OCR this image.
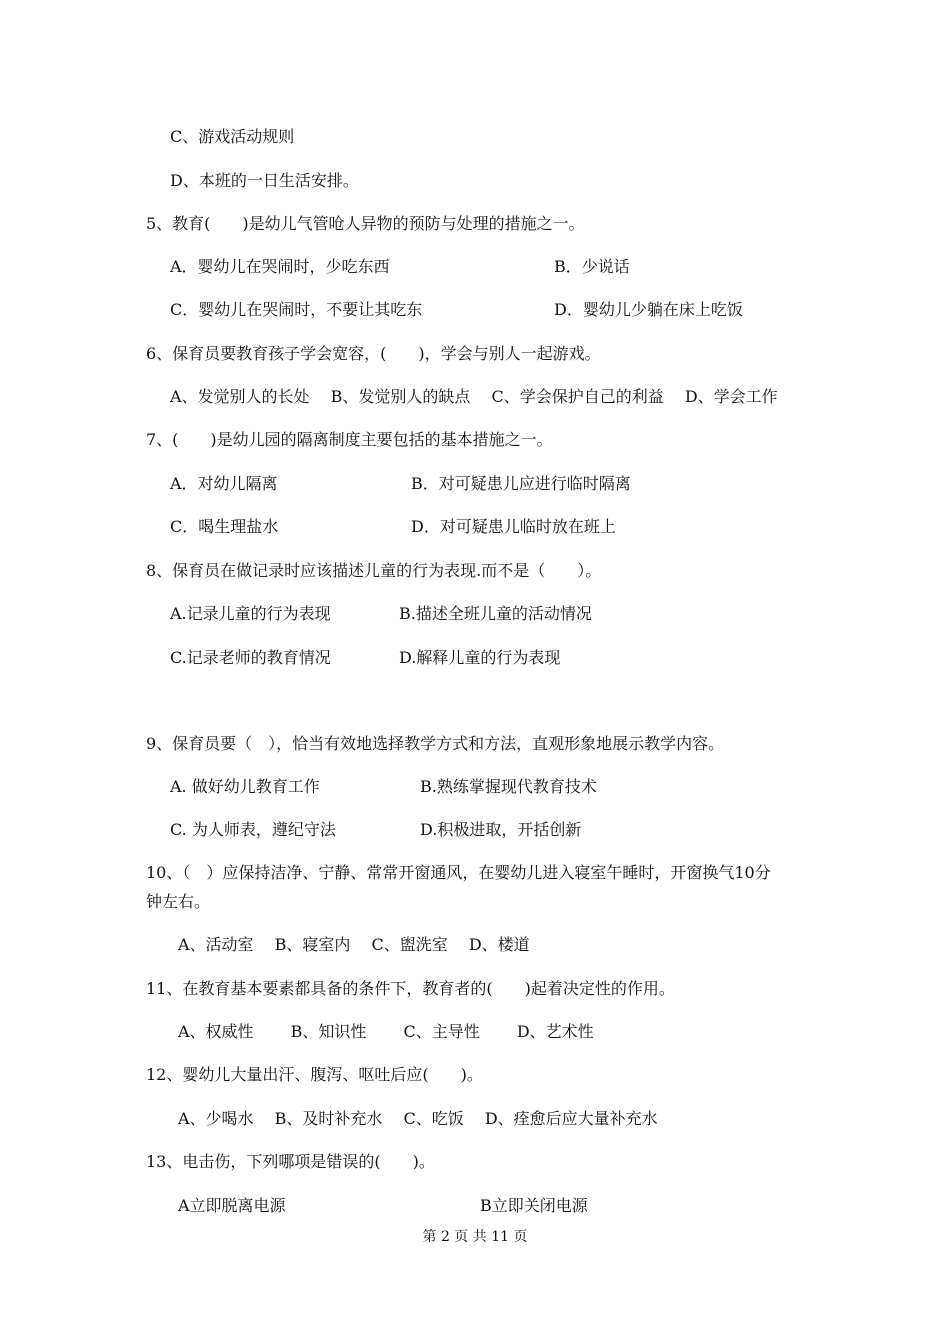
C、游戏活动规则

D、本班的一日生活安排。

5、教育(　　)是幼儿气管呛人异物的预防与处理的措施之一。

A．婴幼儿在哭闹时，少吃东西	B．少说话

C．婴幼儿在哭闹时，不要让其吃东	D．婴幼儿少躺在床上吃饭

6、保育员要教育孩子学会宽容，(　　)，学会与别人一起游戏。

A、发觉别人的长处　 B、发觉别人的缺点　 C、学会保护自己的利益　 D、学会工作

7、(　　)是幼儿园的隔离制度主要包括的基本措施之一。

A．对幼儿隔离	B．对可疑患儿应进行临时隔离

C．喝生理盐水	D．对可疑患儿临时放在班上

8、保育员在做记录时应该描述儿童的行为表现.而不是（　　）。

A.记录儿童的行为表现	B.描述全班儿童的活动情况

C.记录老师的教育情况	D.解释儿童的行为表现

9、保育员要（　），恰当有效地选择教学方式和方法，直观形象地展示教学内容。

A. 做好幼儿教育工作	B.熟练掌握现代教育技术

C. 为人师表，遵纪守法	D.积极进取，开括创新

10、（　）应保持洁净、宁静、常常开窗通风，在婴幼儿进入寝室午睡时，开窗换气10分

钟左右。

A、活动室　 B、寝室内　 C、盥洗室　 D、楼道

11、在教育基本要素都具备的条件下，教育者的(　　)起着决定性的作用。

A、权威性　　 B、知识性　　 C、主导性　　 D、艺术性

12、婴幼儿大量出汗、腹泻、呕吐后应(　　)。

A、少喝水　 B、及时补充水　 C、吃饭　 D、痊愈后应大量补充水

13、电击伤，下列哪项是错误的(　　)。

A立即脱离电源	B立即关闭电源

第 2 页 共 11 页
